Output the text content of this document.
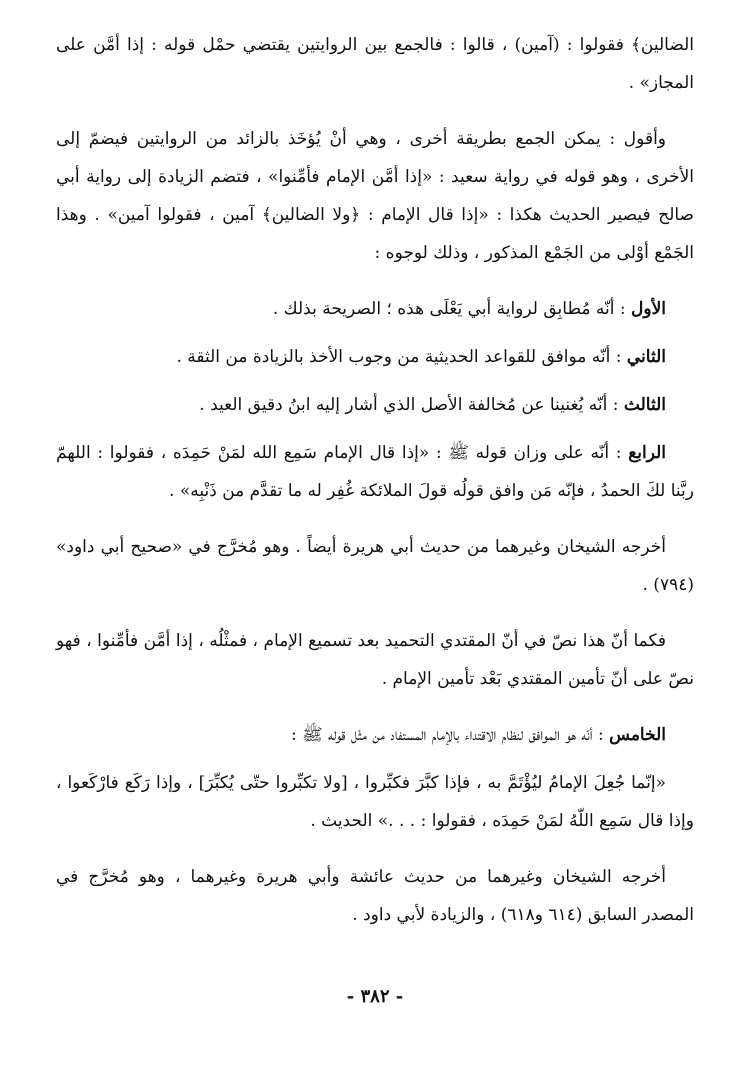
الضالين﴾ فقولوا : (آمين) ، قالوا : فالجمع بين الروايتين يقتضي حمْل قوله : إذا أمَّن على المجاز» .
وأقول : يمكن الجمع بطريقة أخرى ، وهي أنْ يُؤخَذ بالزائد من الروايتين فيضمّ إلى الأخرى ، وهو قوله في رواية سعيد : «إذا أمَّن الإمام فأمِّنوا» ، فتضم الزيادة إلى رواية أبي صالح فيصير الحديث هكذا : «إذا قال الإمام : ﴿ولا الضالين﴾ آمين ، فقولوا آمين» . وهذا الجَمْع أوْلى من الجَمْع المذكور ، وذلك لوجوه :
الأول : أنّه مُطابِق لرواية أبي يَعْلَى هذه ؛ الصريحة بذلك .
الثاني : أنّه موافق للقواعد الحديثية من وجوب الأخذ بالزيادة من الثقة .
الثالث : أنّه يُغنينا عن مُخالفة الأصل الذي أشار إليه ابنُ دقيق العيد .
الرابع : أنّه على وزان قوله ﷺ : «إذا قال الإمام سَمِع الله لمَنْ حَمِدَه ، فقولوا : اللهمّ ربَّنا لكَ الحمدُ ، فإنّه مَن وافق قولُه قولَ الملائكة غُفِر له ما تقدَّم من ذَنْبِه» .
أخرجه الشيخان وغيرهما من حديث أبي هريرة أيضاً . وهو مُخرَّج في «صحيح أبي داود» (٧٩٤) .
فكما أنّ هذا نصّ في أنّ المقتدي التحميد بعد تسميع الإمام ، فمثْلُه ، إذا أمَّن فأمِّنوا ، فهو نصّ على أنّ تأمين المقتدي بَعْد تأمين الإمام .
الخامس : أنّه هو الموافق لنظام الاقتداء بالإمام المستفاد من مثْل قوله ﷺ :
«إنّما جُعِلَ الإمامُ ليُؤْتَمَّ به ، فإذا كبَّرَ فكبِّروا ، [ولا تكبِّروا حتّى يُكبِّرَ] ، وإذا رَكَع فارْكَعوا ، وإذا قال سَمِع اللّهُ لمَنْ حَمِدَه ، فقولوا : . . .» الحديث .
أخرجه الشيخان وغيرهما من حديث عائشة وأبي هريرة وغيرهما ، وهو مُخرَّج في المصدر السابق (٦١٤ و٦١٨) ، والزيادة لأبي داود .
- ٣٨٢ -
